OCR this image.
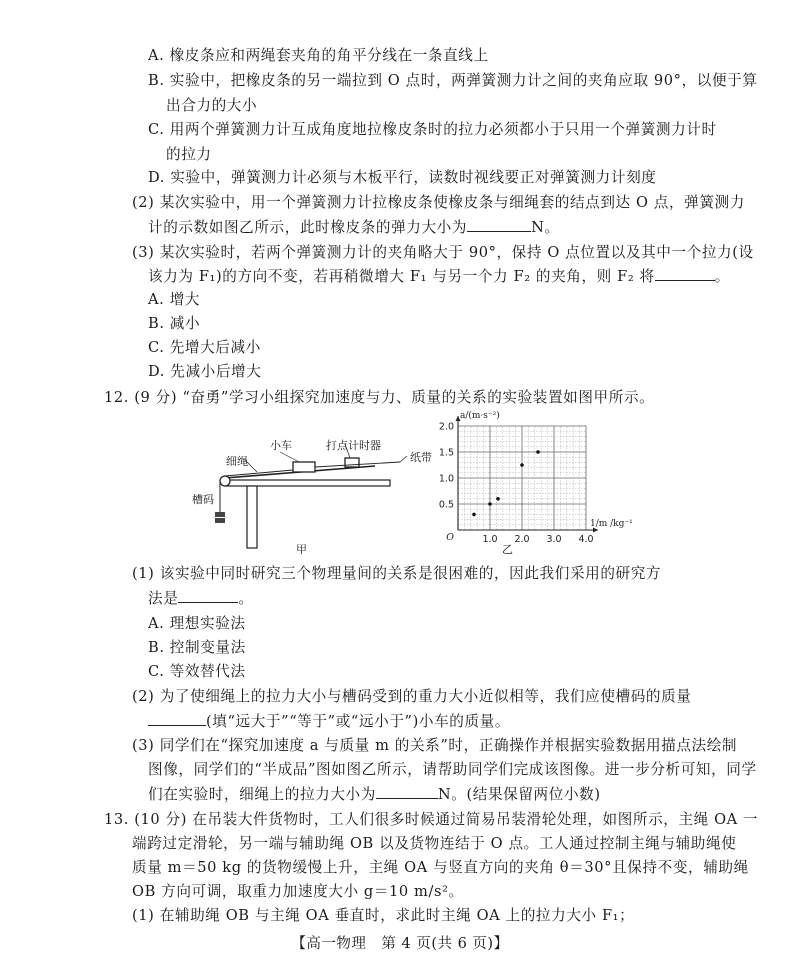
A. 橡皮条应和两绳套夹角的角平分线在一条直线上
B. 实验中，把橡皮条的另一端拉到 O 点时，两弹簧测力计之间的夹角应取 90°，以便于算
出合力的大小
C. 用两个弹簧测力计互成角度地拉橡皮条时的拉力必须都小于只用一个弹簧测力计时
的拉力
D. 实验中，弹簧测力计必须与木板平行，读数时视线要正对弹簧测力计刻度
(2) 某次实验中，用一个弹簧测力计拉橡皮条使橡皮条与细绳套的结点到达 O 点，弹簧测力
计的示数如图乙所示，此时橡皮条的弹力大小为	N。
(3) 某次实验时，若两个弹簧测力计的夹角略大于 90°，保持 O 点位置以及其中一个拉力(设
该力为 F₁)的方向不变，若再稍微增大 F₁ 与另一个力 F₂ 的夹角，则 F₂ 将	。
A. 增大
B. 减小
C. 先增大后减小
D. 先减小后增大
12. (9 分) “奋勇”学习小组探究加速度与力、质量的关系的实验装置如图甲所示。
小车	打点计时器
细绳	纸带
槽码
甲
1.0 2.0 3.0 4.0
0.5
1.0
1.5
2.0
O
a/(m·s⁻²)
1/m /kg⁻¹
乙
(1) 该实验中同时研究三个物理量间的关系是很困难的，因此我们采用的研究方
法是	。
A. 理想实验法
B. 控制变量法
C. 等效替代法
(2) 为了使细绳上的拉力大小与槽码受到的重力大小近似相等，我们应使槽码的质量
(填“远大于”“等于”或“远小于”)小车的质量。
(3) 同学们在“探究加速度 a 与质量 m 的关系”时，正确操作并根据实验数据用描点法绘制
图像，同学们的“半成品”图如图乙所示，请帮助同学们完成该图像。进一步分析可知，同学
们在实验时，细绳上的拉力大小为	N。(结果保留两位小数)
13. (10 分) 在吊装大件货物时，工人们很多时候通过简易吊装滑轮处理，如图所示，主绳 OA 一
端跨过定滑轮，另一端与辅助绳 OB 以及货物连结于 O 点。工人通过控制主绳与辅助绳使
质量 m＝50 kg 的货物缓慢上升，主绳 OA 与竖直方向的夹角 θ＝30°且保持不变，辅助绳
OB 方向可调，取重力加速度大小 g＝10 m/s²。
(1) 在辅助绳 OB 与主绳 OA 垂直时，求此时主绳 OA 上的拉力大小 F₁；
【高一物理　第 4 页(共 6 页)】
